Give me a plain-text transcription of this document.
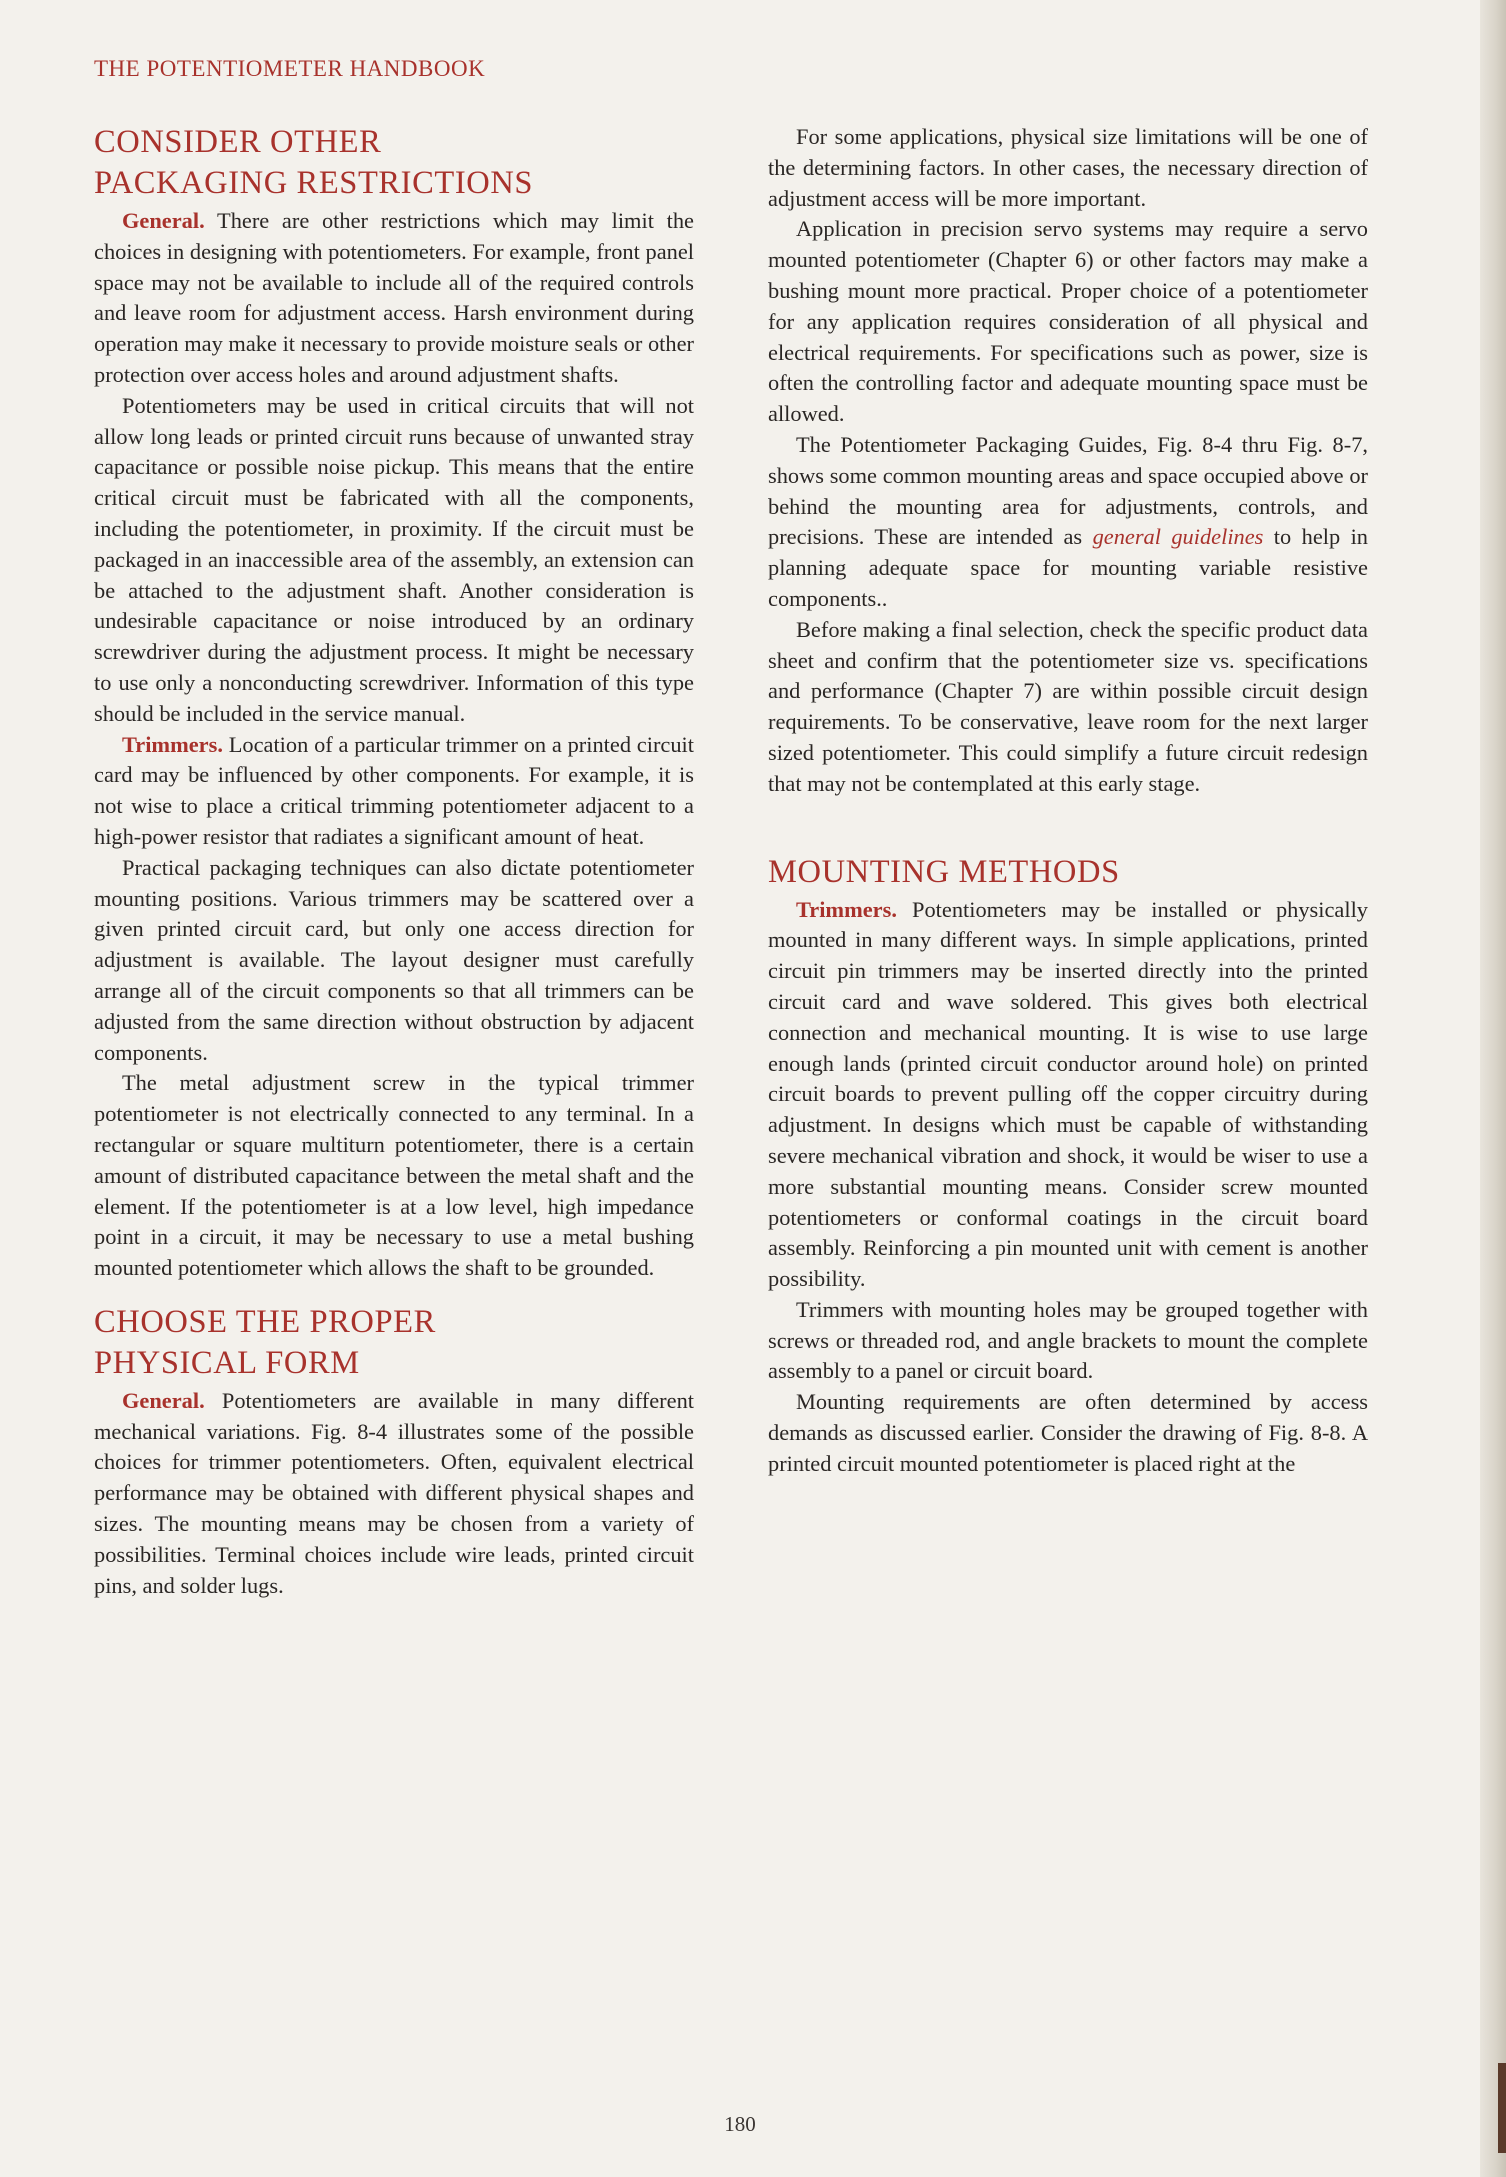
THE POTENTIOMETER HANDBOOK
CONSIDER OTHER
PACKAGING RESTRICTIONS

General. There are other restrictions which may limit the choices in designing with potentiometers. For example, front panel space may not be available to include all of the required controls and leave room for adjustment access. Harsh environment during operation may make it necessary to provide moisture seals or other protection over access holes and around adjustment shafts.

Potentiometers may be used in critical circuits that will not allow long leads or printed circuit runs because of unwanted stray capacitance or possible noise pickup. This means that the entire critical circuit must be fabricated with all the components, including the potentiometer, in proximity. If the circuit must be packaged in an inaccessible area of the assembly, an extension can be attached to the adjustment shaft. Another consideration is undesirable capacitance or noise introduced by an ordinary screwdriver during the adjustment process. It might be necessary to use only a nonconducting screwdriver. Information of this type should be included in the service manual.

Trimmers. Location of a particular trimmer on a printed circuit card may be influenced by other components. For example, it is not wise to place a critical trimming potentiometer adjacent to a high-power resistor that radiates a significant amount of heat.

Practical packaging techniques can also dictate potentiometer mounting positions. Various trimmers may be scattered over a given printed circuit card, but only one access direction for adjustment is available. The layout designer must carefully arrange all of the circuit components so that all trimmers can be adjusted from the same direction without obstruction by adjacent components.

The metal adjustment screw in the typical trimmer potentiometer is not electrically connected to any terminal. In a rectangular or square multiturn potentiometer, there is a certain amount of distributed capacitance between the metal shaft and the element. If the potentiometer is at a low level, high impedance point in a circuit, it may be necessary to use a metal bushing mounted potentiometer which allows the shaft to be grounded.

CHOOSE THE PROPER
PHYSICAL FORM

General. Potentiometers are available in many different mechanical variations. Fig. 8-4 illustrates some of the possible choices for trimmer potentiometers. Often, equivalent electrical performance may be obtained with different physical shapes and sizes. The mounting means may be chosen from a variety of possibilities. Terminal choices include wire leads, printed circuit pins, and solder lugs.

For some applications, physical size limitations will be one of the determining factors. In other cases, the necessary direction of adjustment access will be more important.

Application in precision servo systems may require a servo mounted potentiometer (Chapter 6) or other factors may make a bushing mount more practical. Proper choice of a potentiometer for any application requires consideration of all physical and electrical requirements. For specifications such as power, size is often the controlling factor and adequate mounting space must be allowed.

The Potentiometer Packaging Guides, Fig. 8-4 thru Fig. 8-7, shows some common mounting areas and space occupied above or behind the mounting area for adjustments, controls, and precisions. These are intended as general guidelines to help in planning adequate space for mounting variable resistive components..

Before making a final selection, check the specific product data sheet and confirm that the potentiometer size vs. specifications and performance (Chapter 7) are within possible circuit design requirements. To be conservative, leave room for the next larger sized potentiometer. This could simplify a future circuit redesign that may not be contemplated at this early stage.

MOUNTING METHODS

Trimmers. Potentiometers may be installed or physically mounted in many different ways. In simple applications, printed circuit pin trimmers may be inserted directly into the printed circuit card and wave soldered. This gives both electrical connection and mechanical mounting. It is wise to use large enough lands (printed circuit conductor around hole) on printed circuit boards to prevent pulling off the copper circuitry during adjustment. In designs which must be capable of withstanding severe mechanical vibration and shock, it would be wiser to use a more substantial mounting means. Consider screw mounted potentiometers or conformal coatings in the circuit board assembly. Reinforcing a pin mounted unit with cement is another possibility.

Trimmers with mounting holes may be grouped together with screws or threaded rod, and angle brackets to mount the complete assembly to a panel or circuit board.

Mounting requirements are often determined by access demands as discussed earlier. Consider the drawing of Fig. 8-8. A printed circuit mounted potentiometer is placed right at the

180
